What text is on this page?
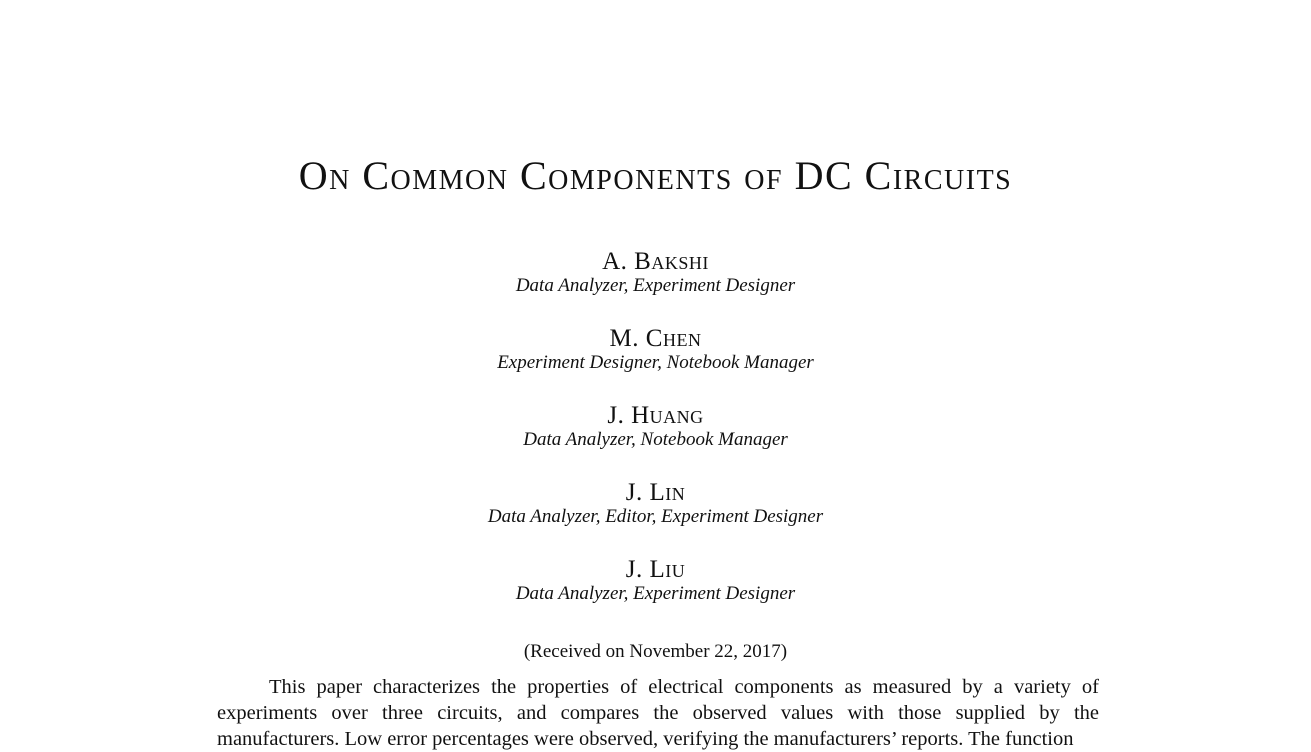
On Common Components of DC Circuits
A. Bakshi
Data Analyzer, Experiment Designer
M. Chen
Experiment Designer, Notebook Manager
J. Huang
Data Analyzer, Notebook Manager
J. Lin
Data Analyzer, Editor, Experiment Designer
J. Liu
Data Analyzer, Experiment Designer
(Received on November 22, 2017)

This paper characterizes the properties of electrical components as measured by a variety of experiments over three circuits, and compares the observed values with those supplied by the manufacturers. Low error percentages were observed, verifying the manufacturers’ reports. The function
